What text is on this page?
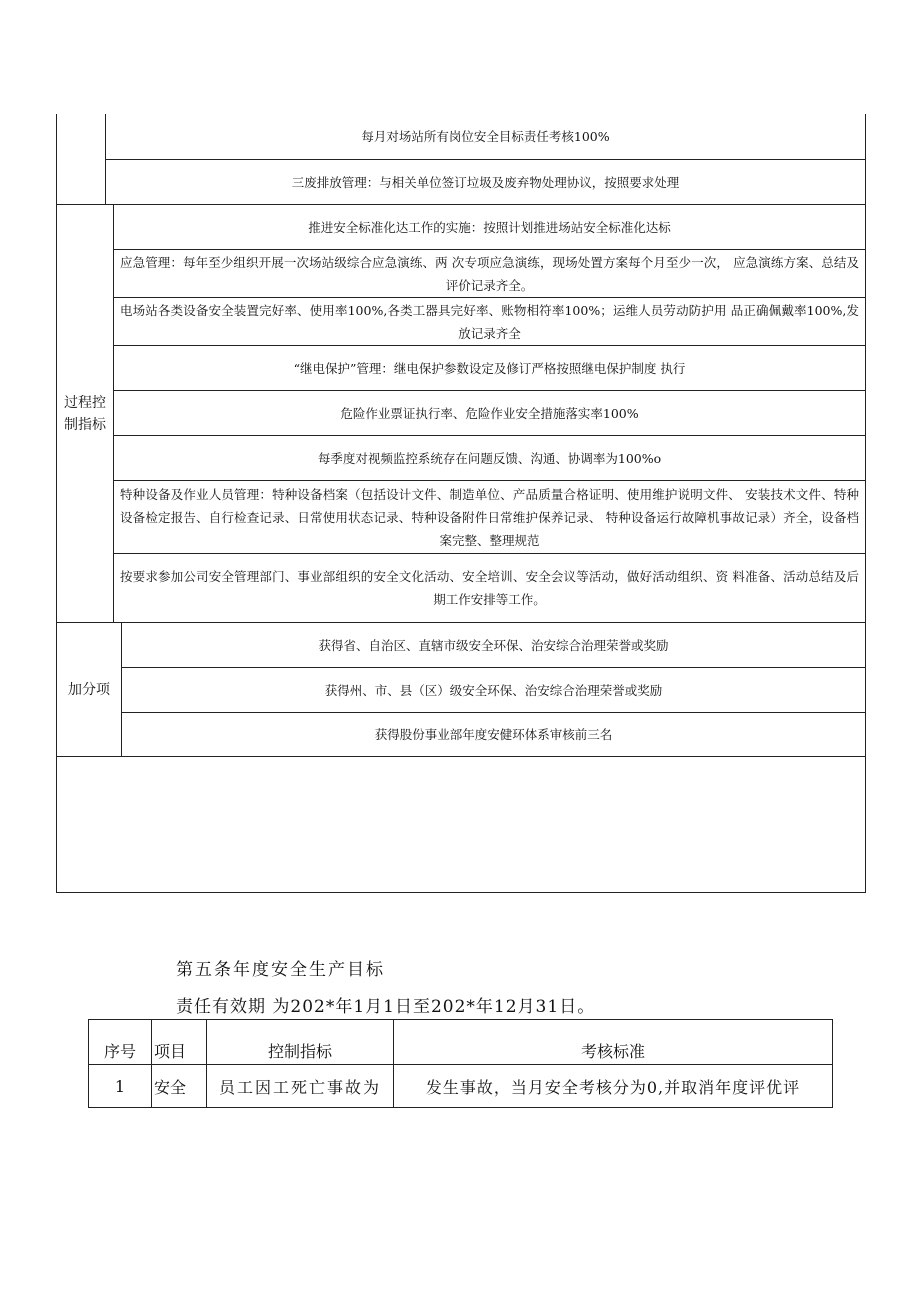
每月对场站所有岗位安全目标责任考核100%
三废排放管理：与相关单位签订垃圾及废弃物处理协议，按照要求处理
过程控制指标
推进安全标准化达工作的实施：按照计划推进场站安全标准化达标
应急管理：每年至少组织开展一次场站级综合应急演练、两 次专项应急演练，现场处置方案每个月至少一次， 应急演练方案、总结及评价记录齐全。
电场站各类设备安全装置完好率、使用率100%,各类工器具完好率、账物相符率100%；运维人员劳动防护用 品正确佩戴率100%,发放记录齐全
“继电保护”管理：继电保护参数设定及修订严格按照继电保护制度 执行
危险作业票证执行率、危险作业安全措施落实率100%
每季度对视频监控系统存在问题反馈、沟通、协调率为100%o
特种设备及作业人员管理：特种设备档案（包括设计文件、制造单位、产品质量合格证明、使用维护说明文件、 安装技术文件、特种设备检定报告、自行检查记录、日常使用状态记录、特种设备附件日常维护保养记录、 特种设备运行故障机事故记录）齐全，设备档案完整、整理规范
按要求参加公司安全管理部门、事业部组织的安全文化活动、安全培训、安全会议等活动，做好活动组织、资 料准备、活动总结及后期工作安排等工作。
加分项
获得省、自治区、直辖市级安全环保、治安综合治理荣誉或奖励
获得州、市、县（区）级安全环保、治安综合治理荣誉或奖励
获得股份事业部年度安健环体系审核前三名
第五条年度安全生产目标
责任有效期 为202*年1月1日至202*年12月31日。
序号	项目	控制指标	考核标准
1	安全	员工因工死亡事故为	发生事故，当月安全考核分为0,并取消年度评优评
